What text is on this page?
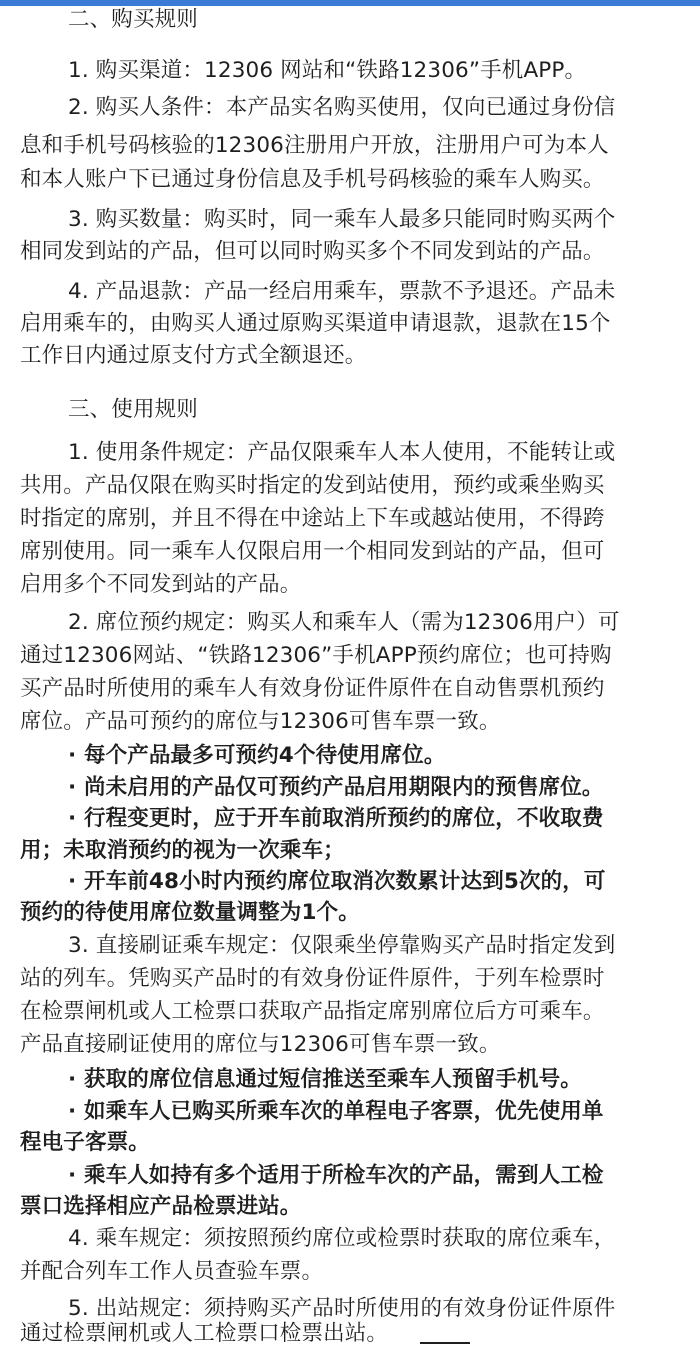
二、购买规则
1. 购买渠道：12306 网站和“铁路12306”手机APP。
2. 购买人条件：本产品实名购买使用，仅向已通过身份信
息和手机号码核验的12306注册用户开放，注册用户可为本人
和本人账户下已通过身份信息及手机号码核验的乘车人购买。
3. 购买数量：购买时，同一乘车人最多只能同时购买两个
相同发到站的产品，但可以同时购买多个不同发到站的产品。
4. 产品退款：产品一经启用乘车，票款不予退还。产品未
启用乘车的，由购买人通过原购买渠道申请退款，退款在15个
工作日内通过原支付方式全额退还。
三、使用规则
1. 使用条件规定：产品仅限乘车人本人使用，不能转让或
共用。产品仅限在购买时指定的发到站使用，预约或乘坐购买
时指定的席别，并且不得在中途站上下车或越站使用，不得跨
席别使用。同一乘车人仅限启用一个相同发到站的产品，但可
启用多个不同发到站的产品。
2. 席位预约规定：购买人和乘车人（需为12306用户）可
通过12306网站、“铁路12306”手机APP预约席位；也可持购
买产品时所使用的乘车人有效身份证件原件在自动售票机预约
席位。产品可预约的席位与12306可售车票一致。
· 每个产品最多可预约4个待使用席位。
· 尚未启用的产品仅可预约产品启用期限内的预售席位。
· 行程变更时，应于开车前取消所预约的席位，不收取费
用；未取消预约的视为一次乘车；
· 开车前48小时内预约席位取消次数累计达到5次的，可
预约的待使用席位数量调整为1个。
3. 直接刷证乘车规定：仅限乘坐停靠购买产品时指定发到
站的列车。凭购买产品时的有效身份证件原件，于列车检票时
在检票闸机或人工检票口获取产品指定席别席位后方可乘车。
产品直接刷证使用的席位与12306可售车票一致。
· 获取的席位信息通过短信推送至乘车人预留手机号。
· 如乘车人已购买所乘车次的单程电子客票，优先使用单
程电子客票。
· 乘车人如持有多个适用于所检车次的产品，需到人工检
票口选择相应产品检票进站。
4. 乘车规定：须按照预约席位或检票时获取的席位乘车，
并配合列车工作人员查验车票。
5. 出站规定：须持购买产品时所使用的有效身份证件原件
通过检票闸机或人工检票口检票出站。
